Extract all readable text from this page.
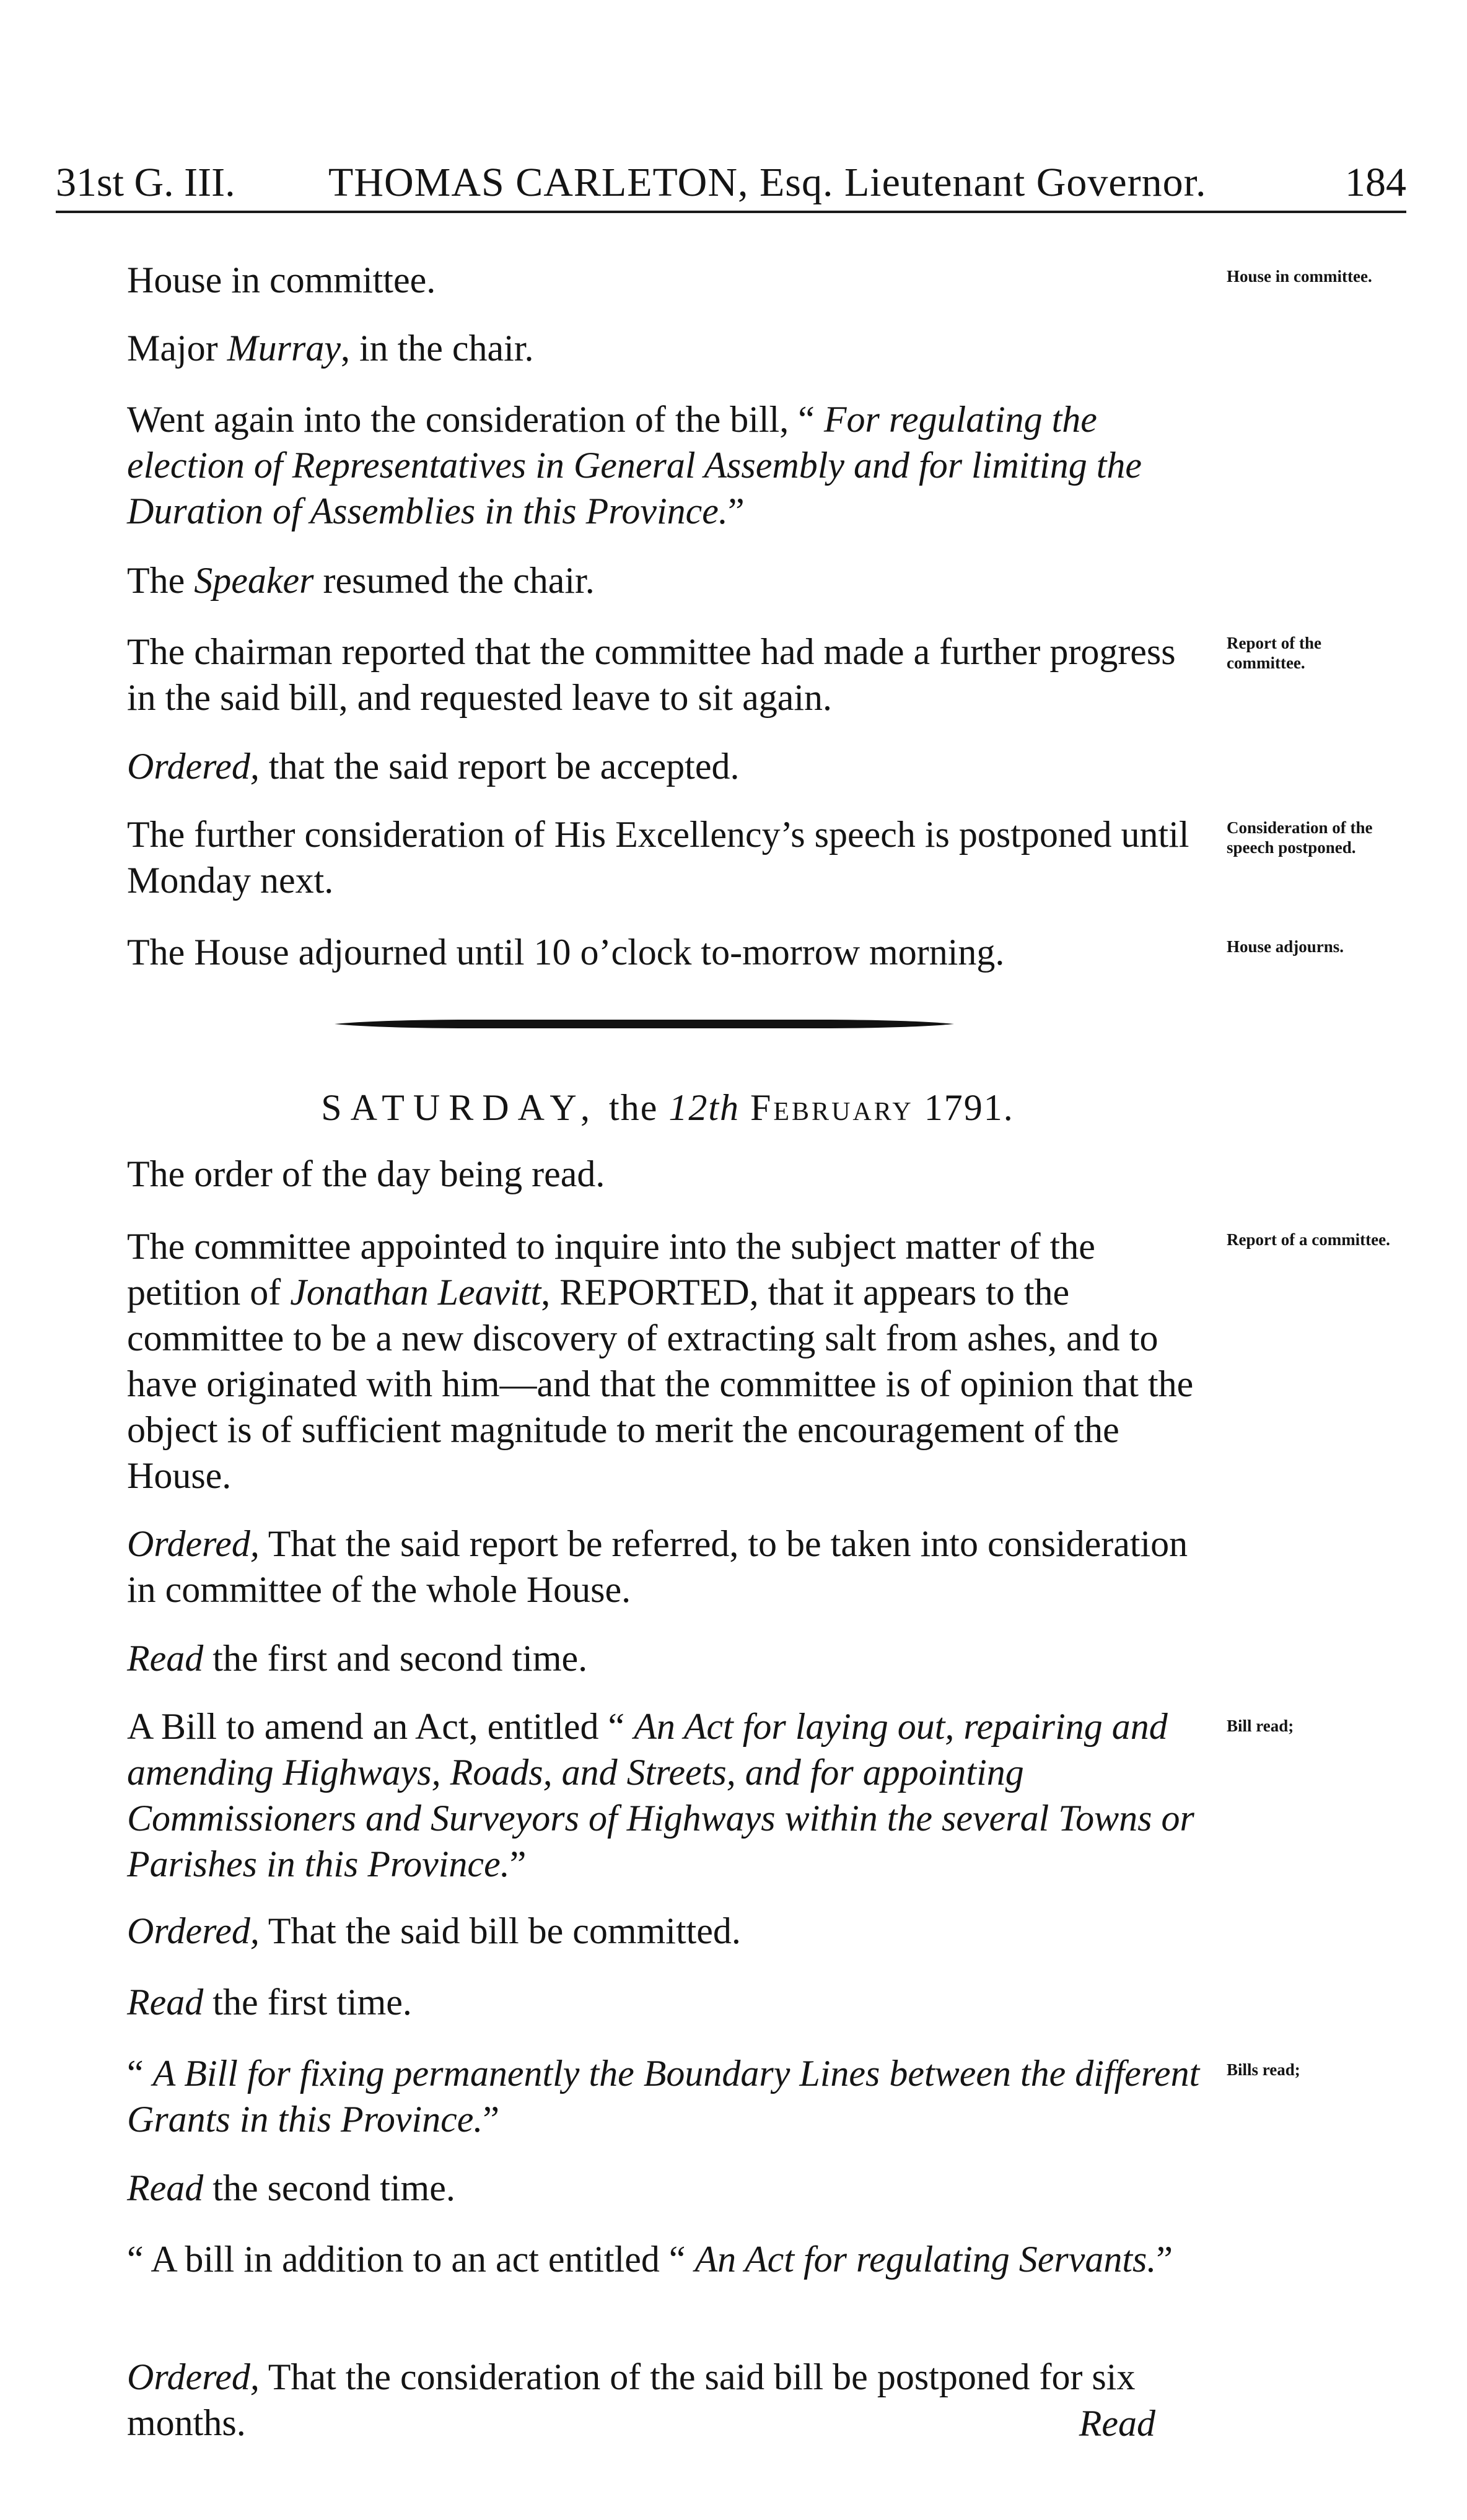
31st G. III. THOMAS CARLETON, Esq. Lieutenant Governor.	184

House in committee.

Major Murray, in the chair.

Went again into the consideration of the bill, “ For regulating the election of Representatives in General Assembly and for limiting the Duration of Assemblies in this Province.”

The Speaker resumed the chair.

The chairman reported that the committee had made a further progress in the said bill, and requested leave to sit again.

Ordered, that the said report be accepted.

The further consideration of His Excellency’s speech is postponed until Monday next.

The House adjourned until 10 o’clock to-morrow morning.

House in committee.

Report of the committee.

Consideration of the speech postponed.

House adjourns.

SATURDAY, the 12th February 1791.

The order of the day being read.

The committee appointed to inquire into the subject matter of the petition of Jonathan Leavitt, REPORTED, that it appears to the committee to be a new discovery of extracting salt from ashes, and to have originated with him—and that the committee is of opinion that the object is of sufficient magnitude to merit the encouragement of the House.

Ordered, That the said report be referred, to be taken into consideration in committee of the whole House.

Read the first and second time.

A Bill to amend an Act, entitled “ An Act for laying out, repairing and amending Highways, Roads, and Streets, and for appointing Commissioners and Surveyors of Highways within the several Towns or Parishes in this Province.”

Ordered, That the said bill be committed.

Read the first time.

“ A Bill for fixing permanently the Boundary Lines between the different Grants in this Province.”

Read the second time.

“ A bill in addition to an act entitled “ An Act for regulating Servants.”

Ordered, That the consideration of the said bill be postponed for six months.	Read

Report of a committee.

Bill read;

Bills read;
